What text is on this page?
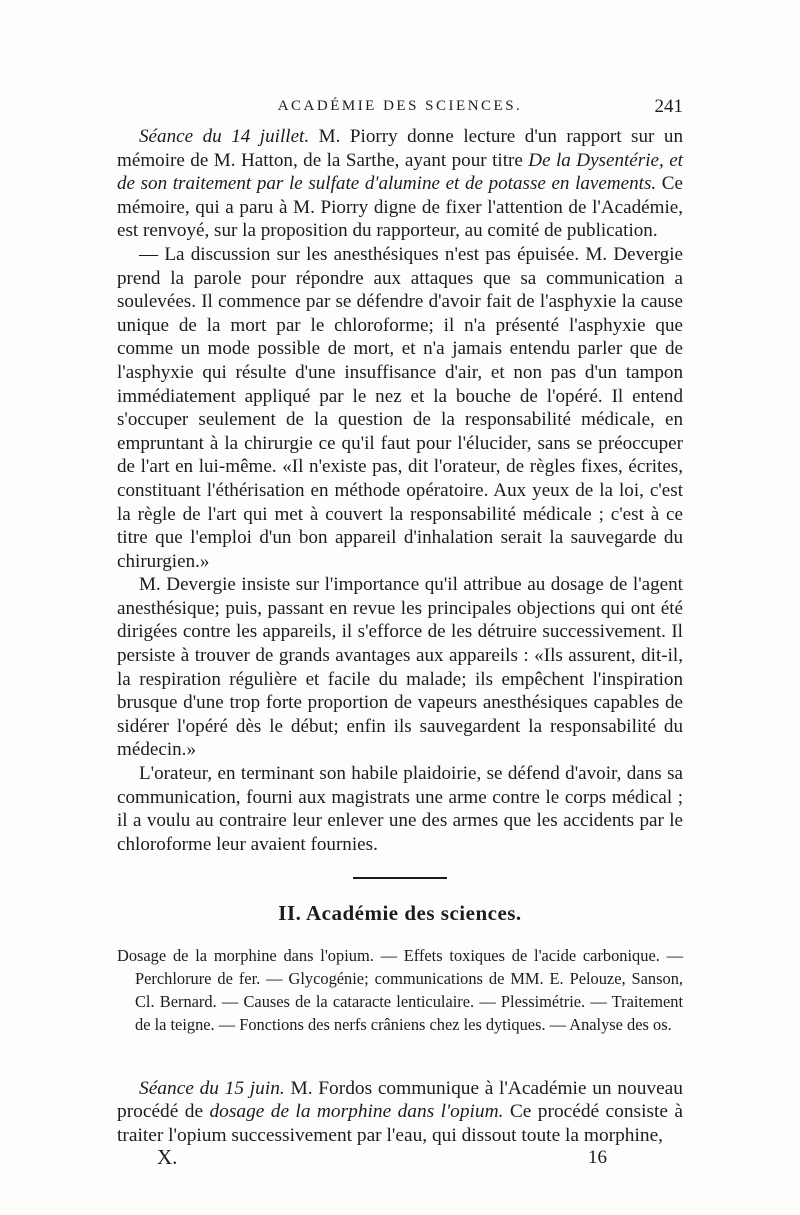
ACADÉMIE DES SCIENCES.	241

Séance du 14 juillet. M. Piorry donne lecture d'un rapport sur un mémoire de M. Hatton, de la Sarthe, ayant pour titre De la Dysentérie, et de son traitement par le sulfate d'alumine et de potasse en lavements. Ce mémoire, qui a paru à M. Piorry digne de fixer l'attention de l'Académie, est renvoyé, sur la proposition du rapporteur, au comité de publication.

— La discussion sur les anesthésiques n'est pas épuisée. M. Devergie prend la parole pour répondre aux attaques que sa communication a soulevées. Il commence par se défendre d'avoir fait de l'asphyxie la cause unique de la mort par le chloroforme; il n'a présenté l'asphyxie que comme un mode possible de mort, et n'a jamais entendu parler que de l'asphyxie qui résulte d'une insuffisance d'air, et non pas d'un tampon immédiatement appliqué par le nez et la bouche de l'opéré. Il entend s'occuper seulement de la question de la responsabilité médicale, en empruntant à la chirurgie ce qu'il faut pour l'élucider, sans se préoccuper de l'art en lui-même. «Il n'existe pas, dit l'orateur, de règles fixes, écrites, constituant l'éthérisation en méthode opératoire. Aux yeux de la loi, c'est la règle de l'art qui met à couvert la responsabilité médicale ; c'est à ce titre que l'emploi d'un bon appareil d'inhalation serait la sauvegarde du chirurgien.»

M. Devergie insiste sur l'importance qu'il attribue au dosage de l'agent anesthésique; puis, passant en revue les principales objections qui ont été dirigées contre les appareils, il s'efforce de les détruire successivement. Il persiste à trouver de grands avantages aux appareils : «Ils assurent, dit-il, la respiration régulière et facile du malade; ils empêchent l'inspiration brusque d'une trop forte proportion de vapeurs anesthésiques capables de sidérer l'opéré dès le début; enfin ils sauvegardent la responsabilité du médecin.»

L'orateur, en terminant son habile plaidoirie, se défend d'avoir, dans sa communication, fourni aux magistrats une arme contre le corps médical ; il a voulu au contraire leur enlever une des armes que les accidents par le chloroforme leur avaient fournies.

II. Académie des sciences.
Dosage de la morphine dans l'opium. — Effets toxiques de l'acide carbonique. — Perchlorure de fer. — Glycogénie; communications de MM. E. Pelouze, Sanson, Cl. Bernard. — Causes de la cataracte lenticulaire. — Plessimétrie. — Traitement de la teigne. — Fonctions des nerfs crâniens chez les dytiques. — Analyse des os.
Séance du 15 juin. M. Fordos communique à l'Académie un nouveau procédé de dosage de la morphine dans l'opium. Ce procédé consiste à traiter l'opium successivement par l'eau, qui dissout toute la morphine,
X.	16
